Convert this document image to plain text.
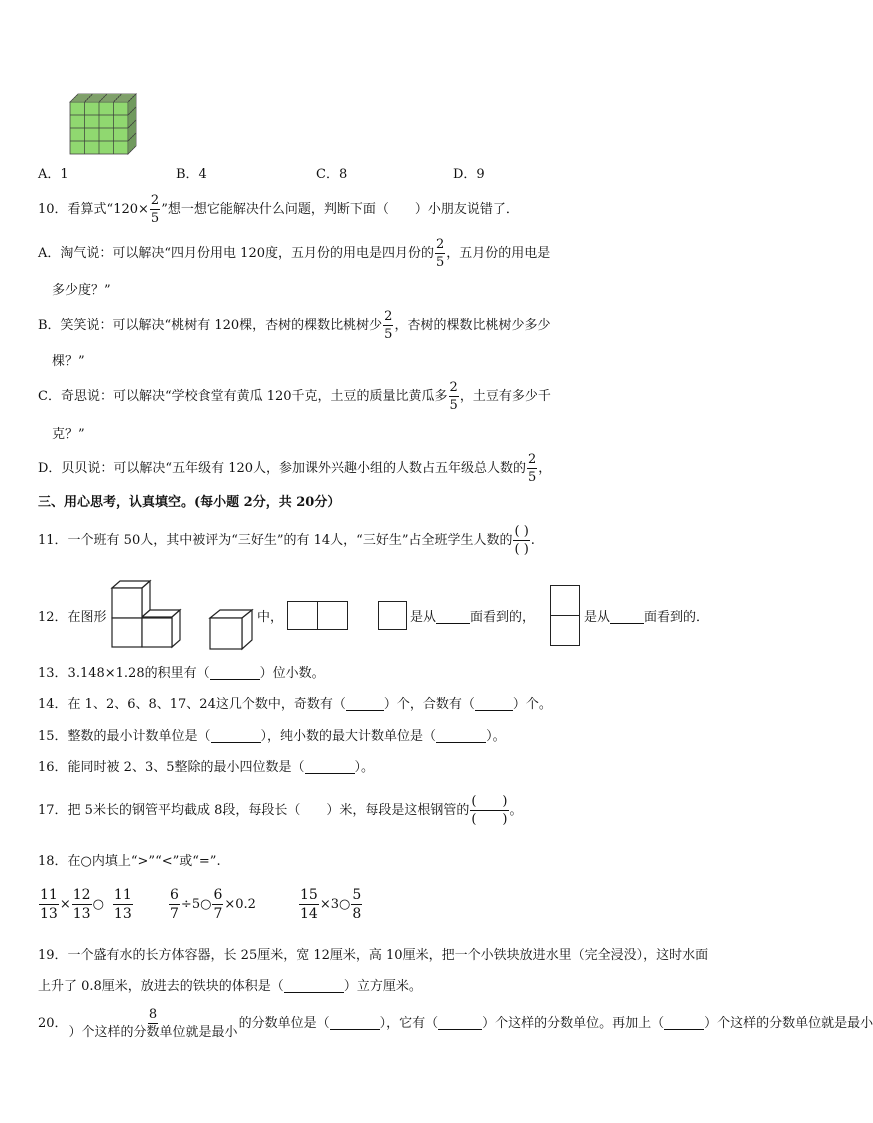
A．1	B．4	C．8	D．9
10．看算式“$120\times \frac{2}{5}$ ”想一想它能解决什么问题，判断下面（　　）小朋友说错了．
A．淘气说：可以解决“四月份用电 120度，五月份的用电是四月份的 $\frac{2}{5}$ ，五月份的用电是
多少度？”
B．笑笑说：可以解决“桃树有 120棵，杏树的棵数比桃树少 $\frac{2}{5}$ ，杏树的棵数比桃树少多少
棵？”
C．奇思说：可以解决“学校食堂有黄瓜 120千克，土豆的质量比黄瓜多 $\frac{2}{5}$ ，土豆有多少千
克？”
D．贝贝说：可以解决“五年级有 120人，参加课外兴趣小组的人数占五年级总人数的 $\frac{2}{5}$ ，
三、用心思考，认真填空。(每小题 2分，共 20分）
11．一个班有 50人，其中被评为“三好生”的有 14人，“三好生”占全班学生人数的 $\frac{( )}{( )}$ .
12．在图形	中，	是从	面看到的，	是从	面看到的．
13．3.148×1.28的积里有（	）位小数。
14．在 1、2、6、8、17、24这几个数中，奇数有（	）个，合数有（	）个。
15．整数的最小计数单位是（	），纯小数的最大计数单位是（	）。
16．能同时被 2、3、5整除的最小四位数是（	）。
17．把 5米长的钢管平均截成 8段，每段长（　　）米，每段是这根钢管的 $\frac{( )}{( )}$ 。
18．在○内填上“>”“<”或“=”.
$\frac{11}{13} \times \frac{12}{13}$ ○ $\frac{11}{13}$	$\frac{6}{7}$ ÷5○ $\frac{6}{7} \times 0.2$	$\frac{15}{14}$ ×3○ $\frac{5}{8}$
19．一个盛有水的长方体容器，长 25厘米，宽 12厘米，高 10厘米，把一个小铁块放进水里（完全浸没），这时水面
上升了 0.8厘米，放进去的铁块的体积是（	）立方厘米。
20． $\frac{8}{\text{）个这样的分数单位就是最小}}$ 的分数单位是（	），它有（	）个这样的分数单位。再加上（	）个这样的分数单位就是最小
